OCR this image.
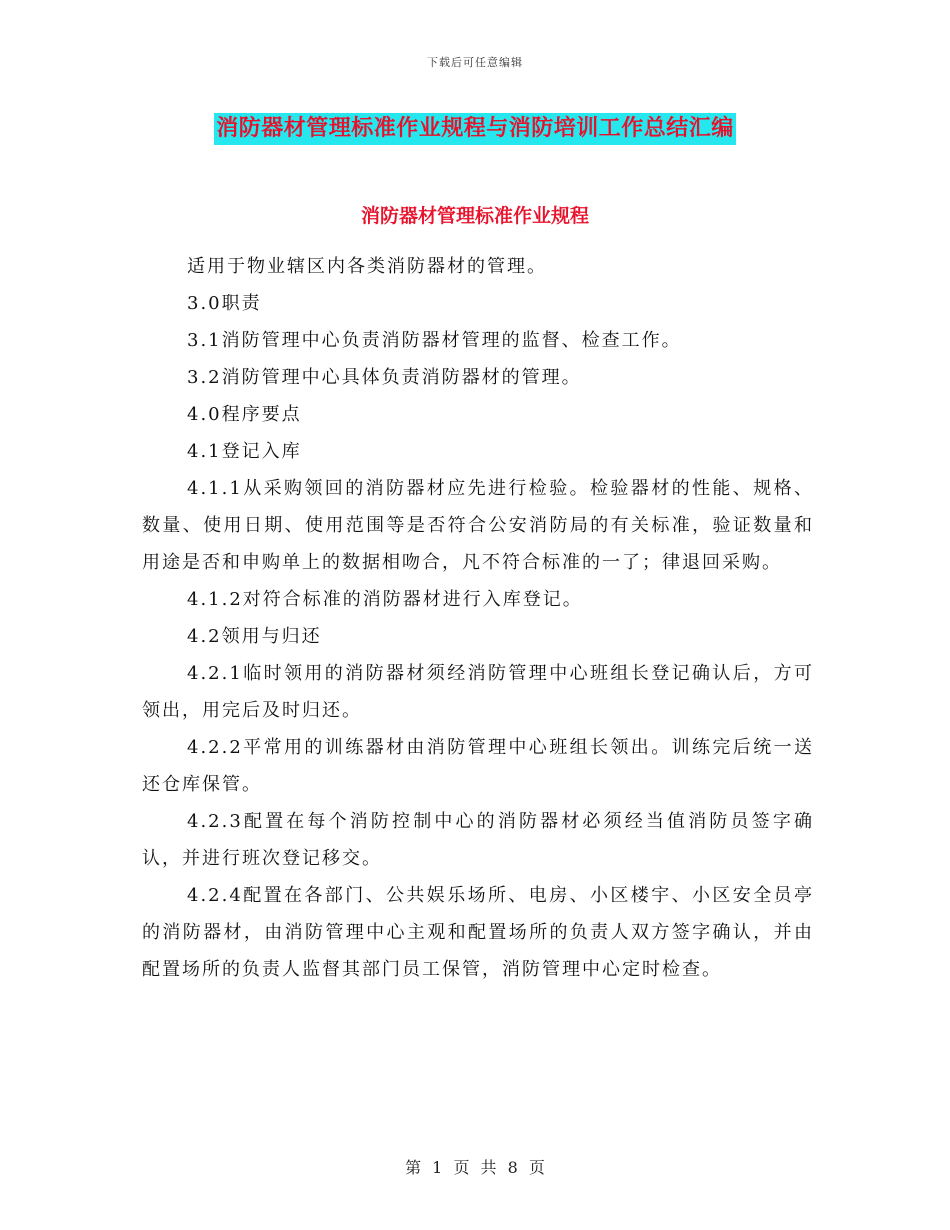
下载后可任意编辑
消防器材管理标准作业规程与消防培训工作总结汇编
消防器材管理标准作业规程

适用于物业辖区内各类消防器材的管理。

3.0职责

3.1消防管理中心负责消防器材管理的监督、检查工作。

3.2消防管理中心具体负责消防器材的管理。

4.0程序要点

4.1登记入库

4.1.1从采购领回的消防器材应先进行检验。检验器材的性能、规格、数量、使用日期、使用范围等是否符合公安消防局的有关标准，验证数量和用途是否和申购单上的数据相吻合，凡不符合标准的一了；律退回采购。

4.1.2对符合标准的消防器材进行入库登记。

4.2领用与归还

4.2.1临时领用的消防器材须经消防管理中心班组长登记确认后，方可领出，用完后及时归还。

4.2.2平常用的训练器材由消防管理中心班组长领出。训练完后统一送还仓库保管。

4.2.3配置在每个消防控制中心的消防器材必须经当值消防员签字确认，并进行班次登记移交。

4.2.4配置在各部门、公共娱乐场所、电房、小区楼宇、小区安全员亭的消防器材，由消防管理中心主观和配置场所的负责人双方签字确认，并由配置场所的负责人监督其部门员工保管，消防管理中心定时检查。

第 1 页 共 8 页
